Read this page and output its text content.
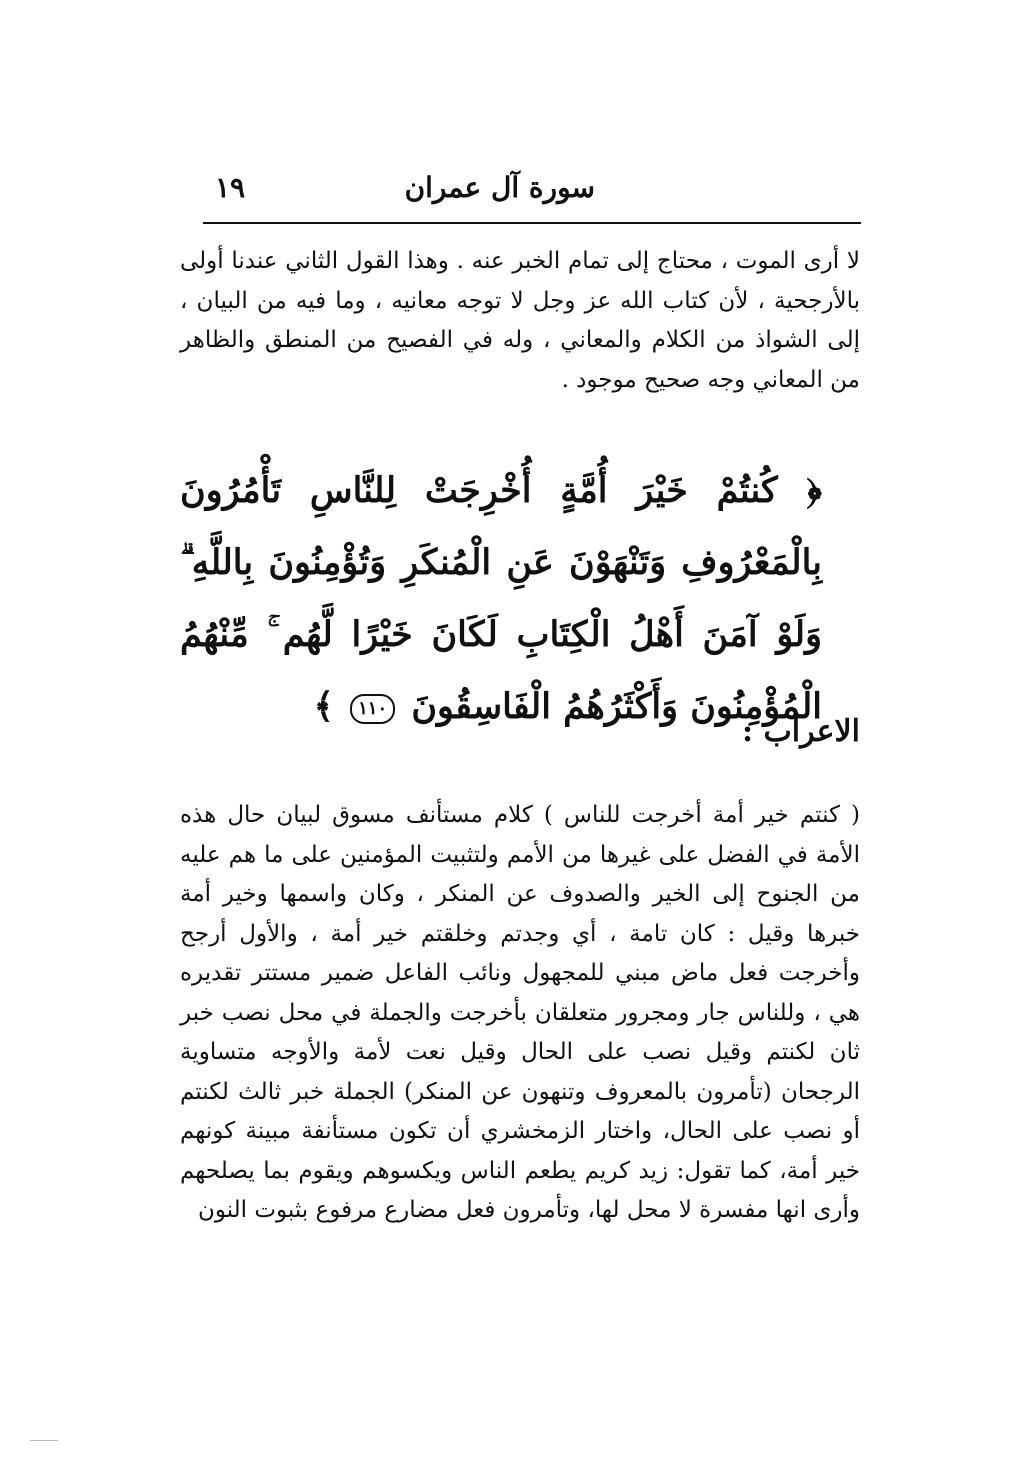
سورة آل عمران
١٩

لا أرى الموت ، محتاج إلى تمام الخبر عنه . وهذا القول الثاني عندنا أولى بالأرجحية ، لأن كتاب الله عز وجل لا توجه معانيه ، وما فيه من البيان ، إلى الشواذ من الكلام والمعاني ، وله في الفصيح من المنطق والظاهر من المعاني وجه صحيح موجود .

﴿ كُنتُمْ خَيْرَ أُمَّةٍ أُخْرِجَتْ لِلنَّاسِ تَأْمُرُونَ بِالْمَعْرُوفِ وَتَنْهَوْنَ عَنِ الْمُنكَرِ وَتُؤْمِنُونَ بِاللَّهِ ۗ وَلَوْ آمَنَ أَهْلُ الْكِتَابِ لَكَانَ خَيْرًا لَّهُم ۚ مِّنْهُمُ الْمُؤْمِنُونَ وَأَكْثَرُهُمُ الْفَاسِقُونَ ١١٠ ﴾

الاعراب :

( كنتم خير أمة أخرجت للناس ) كلام مستأنف مسوق لبيان حال هذه الأمة في الفضل على غيرها من الأمم ولتثبيت المؤمنين على ما هم عليه من الجنوح إلى الخير والصدوف عن المنكر ، وكان واسمها وخير أمة خبرها وقيل : كان تامة ، أي وجدتم وخلقتم خير أمة ، والأول أرجح وأخرجت فعل ماض مبني للمجهول ونائب الفاعل ضمير مستتر تقديره هي ، وللناس جار ومجرور متعلقان بأخرجت والجملة في محل نصب خبر ثان لكنتم وقيل نصب على الحال وقيل نعت لأمة والأوجه متساوية الرجحان (تأمرون بالمعروف وتنهون عن المنكر) الجملة خبر ثالث لكنتم أو نصب على الحال، واختار الزمخشري أن تكون مستأنفة مبينة كونهم خير أمة، كما تقول: زيد كريم يطعم الناس ويكسوهم ويقوم بما يصلحهم وأرى انها مفسرة لا محل لها، وتأمرون فعل مضارع مرفوع بثبوت النون
